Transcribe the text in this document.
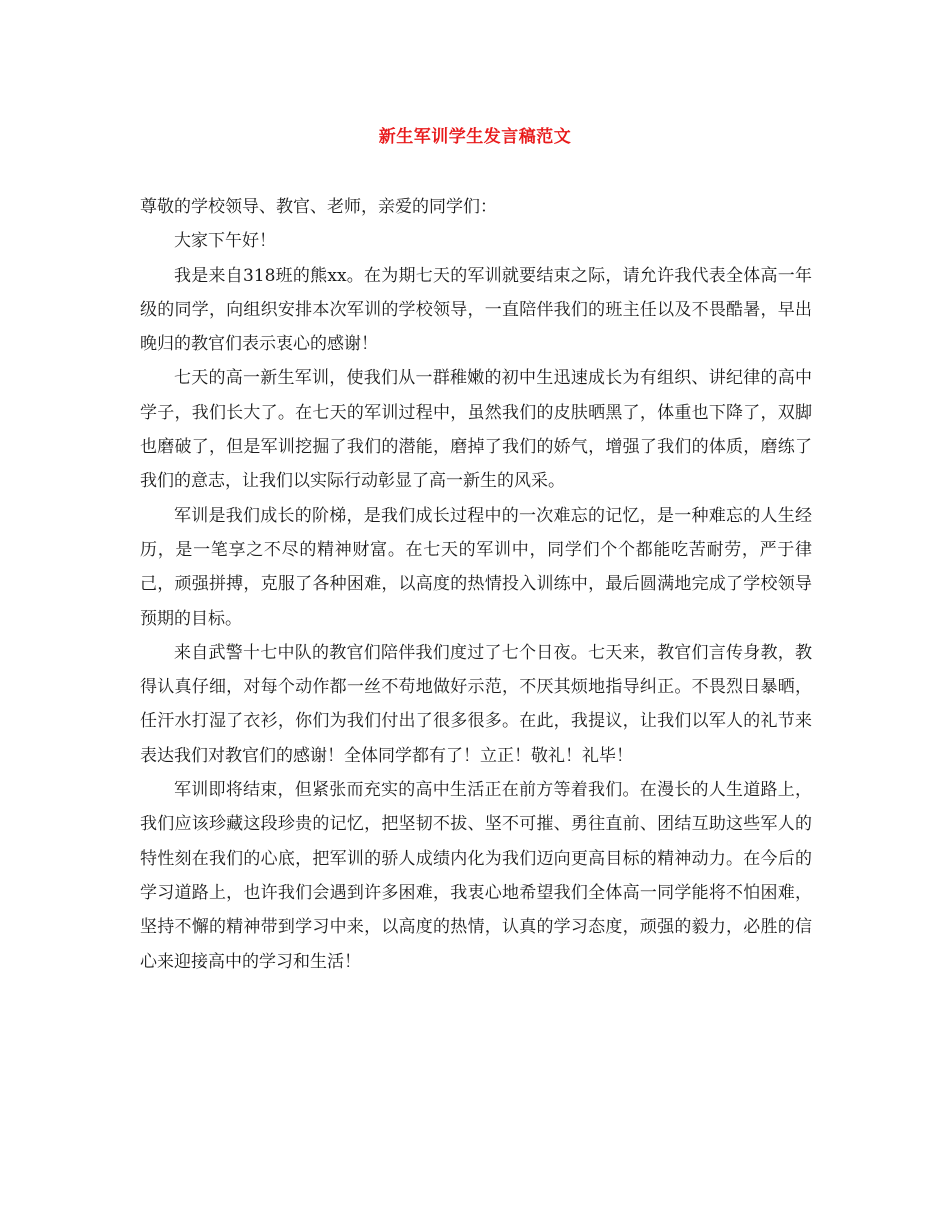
新生军训学生发言稿范文

尊敬的学校领导、教官、老师，亲爱的同学们：

大家下午好！

我是来自318班的熊xx。在为期七天的军训就要结束之际，请允许我代表全体高一年级的同学，向组织安排本次军训的学校领导，一直陪伴我们的班主任以及不畏酷暑，早出晚归的教官们表示衷心的感谢！

七天的高一新生军训，使我们从一群稚嫩的初中生迅速成长为有组织、讲纪律的高中学子，我们长大了。在七天的军训过程中，虽然我们的皮肤晒黑了，体重也下降了，双脚也磨破了，但是军训挖掘了我们的潜能，磨掉了我们的娇气，增强了我们的体质，磨练了我们的意志，让我们以实际行动彰显了高一新生的风采。

军训是我们成长的阶梯，是我们成长过程中的一次难忘的记忆，是一种难忘的人生经历，是一笔享之不尽的精神财富。在七天的军训中，同学们个个都能吃苦耐劳，严于律己，顽强拼搏，克服了各种困难，以高度的热情投入训练中，最后圆满地完成了学校领导预期的目标。

来自武警十七中队的教官们陪伴我们度过了七个日夜。七天来，教官们言传身教，教得认真仔细，对每个动作都一丝不苟地做好示范，不厌其烦地指导纠正。不畏烈日暴晒，任汗水打湿了衣衫，你们为我们付出了很多很多。在此，我提议，让我们以军人的礼节来表达我们对教官们的感谢！全体同学都有了！立正！敬礼！礼毕！

军训即将结束，但紧张而充实的高中生活正在前方等着我们。在漫长的人生道路上，我们应该珍藏这段珍贵的记忆，把坚韧不拔、坚不可摧、勇往直前、团结互助这些军人的特性刻在我们的心底，把军训的骄人成绩内化为我们迈向更高目标的精神动力。在今后的学习道路上，也许我们会遇到许多困难，我衷心地希望我们全体高一同学能将不怕困难，坚持不懈的精神带到学习中来，以高度的热情，认真的学习态度，顽强的毅力，必胜的信心来迎接高中的学习和生活！
